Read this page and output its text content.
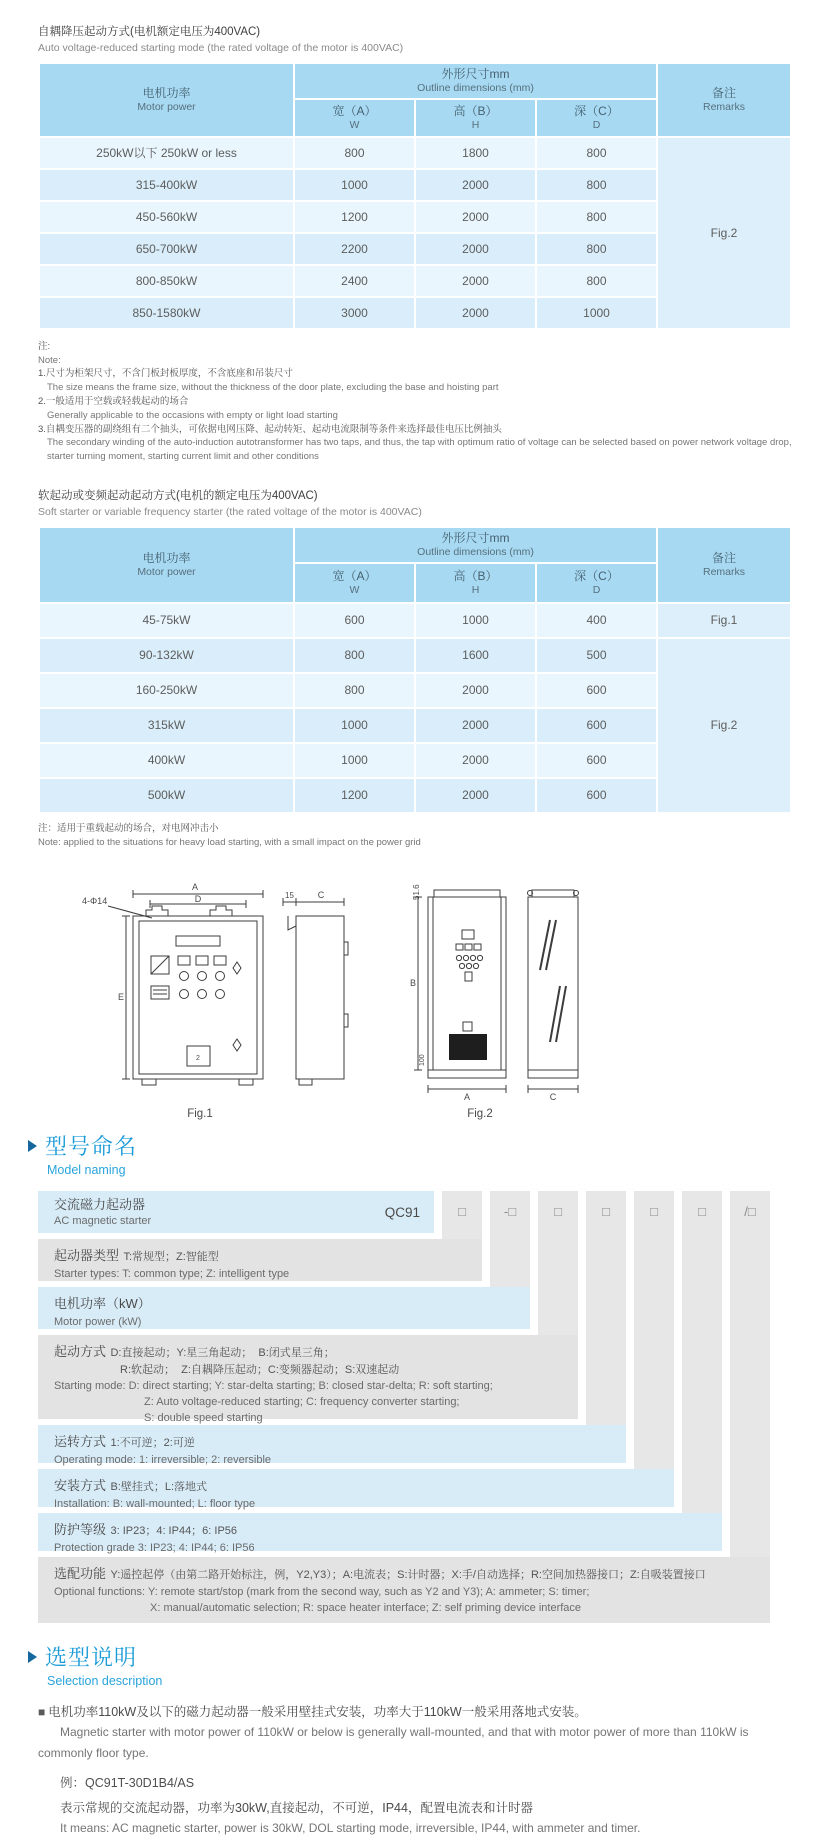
自耦降压起动方式(电机额定电压为400VAC)
Auto voltage-reduced starting mode (the rated voltage of the motor is 400VAC)
电机功率
Motor power

外形尺寸mm
Outline dimensions (mm)	备注
Remarks

宽（A）
W

高（B）
H

深（C）
D

250kW以下 250kW or less	800	1800	800	Fig.2
315-400kW	1000	2000	800	
450-560kW	1200	2000	800	
650-700kW	2200	2000	800	
800-850kW	2400	2000	800	
850-1580kW	3000	2000	1000	
注:
Note:
1.尺寸为柜架尺寸，不含门板封板厚度，不含底座和吊装尺寸
The size means the frame size, without the thickness of the door plate, excluding the base and hoisting part
2.一般适用于空载或轻载起动的场合
Generally applicable to the occasions with empty or light load starting
3.自耦变压器的副绕组有二个抽头，可依据电网压降、起动转矩、起动电流限制等条件来选择最佳电压比例抽头
The secondary winding of the auto-induction autotransformer has two taps, and thus, the tap with optimum ratio of voltage can be selected based on power network voltage drop,
starter turning moment, starting current limit and other conditions
软起动或变频起动起动方式(电机的额定电压为400VAC)
Soft starter or variable frequency starter (the rated voltage of the motor is 400VAC)
电机功率
Motor power

外形尺寸mm
Outline dimensions (mm)	备注
Remarks

宽（A）
W

高（B）
H

深（C）
D

45-75kW	600	1000	400	Fig.1
90-132kW	800	1600	500	Fig.2
160-250kW	800	2000	600	
315kW	1000	2000	600	
400kW	1000	2000	600	
500kW	1200	2000	600	
注：适用于重载起动的场合，对电网冲击小
Note: applied to the situations for heavy load starting, with a small impact on the power grid
A
D
4-Φ14
2
E
15	C	51.6
B
100
A	C
Fig.1	Fig.2
型号命名
Model naming
□	-□	□	□	□	□	/□
交流磁力起动器
AC magnetic starter
QC91
起动器类型 T:常规型；Z:智能型
Starter types: T: common type; Z: intelligent type
电机功率（kW）
Motor power (kW)
起动方式 D:直接起动；Y:星三角起动；  B:闭式星三角；
R:软起动；  Z:自耦降压起动；C:变频器起动；S:双速起动
Starting mode: D: direct starting; Y: star-delta starting; B: closed star-delta; R: soft starting;
Z: Auto voltage-reduced starting; C: frequency converter starting;
S: double speed starting
运转方式 1:不可逆；2:可逆
Operating mode: 1: irreversible; 2: reversible
安装方式 B:壁挂式；L:落地式
Installation: B: wall-mounted; L: floor type
防护等级 3: IP23；4: IP44；6: IP56
Protection grade 3: IP23; 4: IP44; 6: IP56
选配功能 Y:遥控起停（由第二路开始标注，例，Y2,Y3）；A:电流表；S:计时器；X:手/自动选择；R:空间加热器接口；Z:自吸装置接口
Optional functions: Y: remote start/stop (mark from the second way, such as Y2 and Y3); A: ammeter; S: timer;
X: manual/automatic selection; R: space heater interface; Z: self priming device interface
选型说明
Selection description
■ 电机功率110kW及以下的磁力起动器一般采用壁挂式安装，功率大于110kW一般采用落地式安装。
Magnetic starter with motor power of 110kW or below is generally wall-mounted, and that with motor power of more than 110kW is
commonly floor type.
例：QC91T-30D1B4/AS
表示常规的交流起动器，功率为30kW,直接起动，不可逆，IP44，配置电流表和计时器
It means: AC magnetic starter, power is 30kW, DOL starting mode, irreversible, IP44, with ammeter and timer.
